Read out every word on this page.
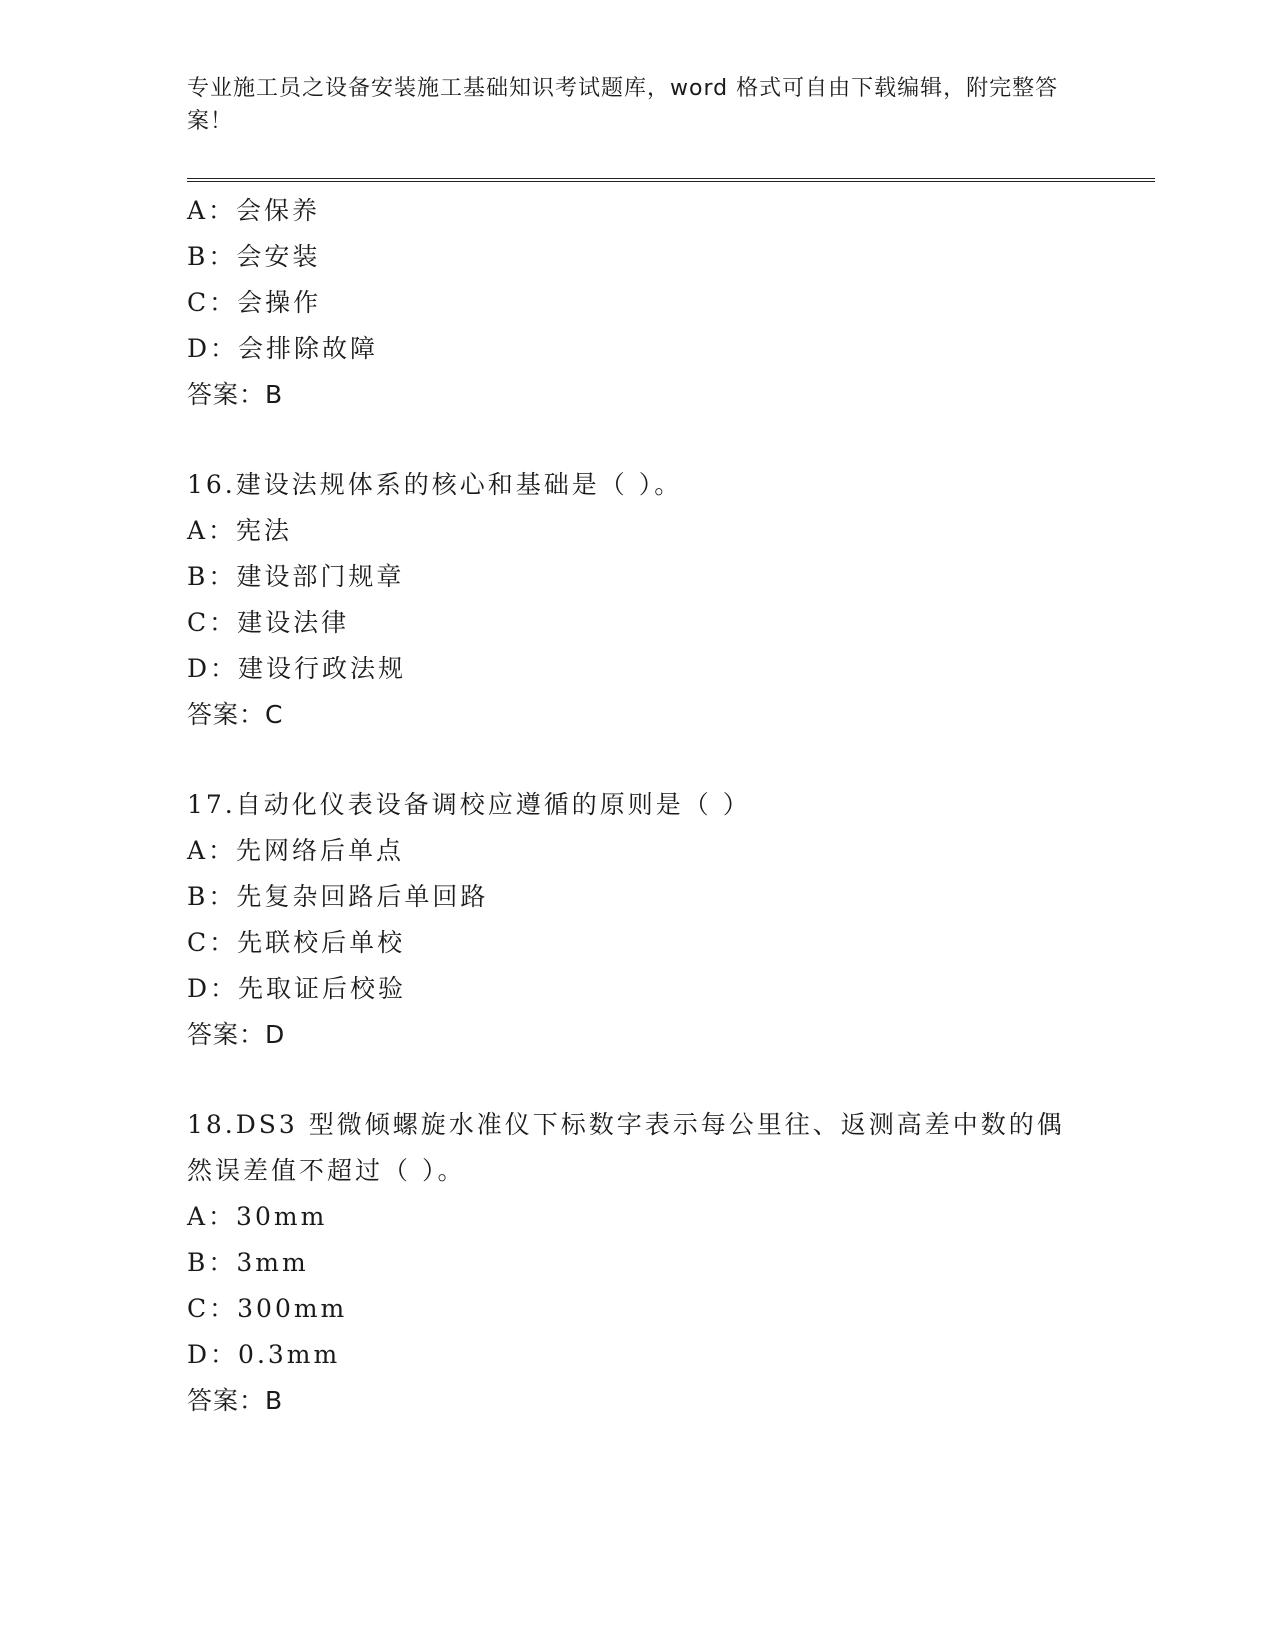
专业施工员之设备安装施工基础知识考试题库，word 格式可自由下载编辑，附完整答案！

A：会保养
B：会安装
C：会操作
D：会排除故障
答案：B
16.建设法规体系的核心和基础是（ ）。
A：宪法
B：建设部门规章
C：建设法律
D：建设行政法规
答案：C
17.自动化仪表设备调校应遵循的原则是（ ）
A：先网络后单点
B：先复杂回路后单回路
C：先联校后单校
D：先取证后校验
答案：D
18.DS3 型微倾螺旋水准仪下标数字表示每公里往、返测高差中数的偶
然误差值不超过（ ）。
A：30mm
B：3mm
C：300mm
D：0.3mm
答案：B
